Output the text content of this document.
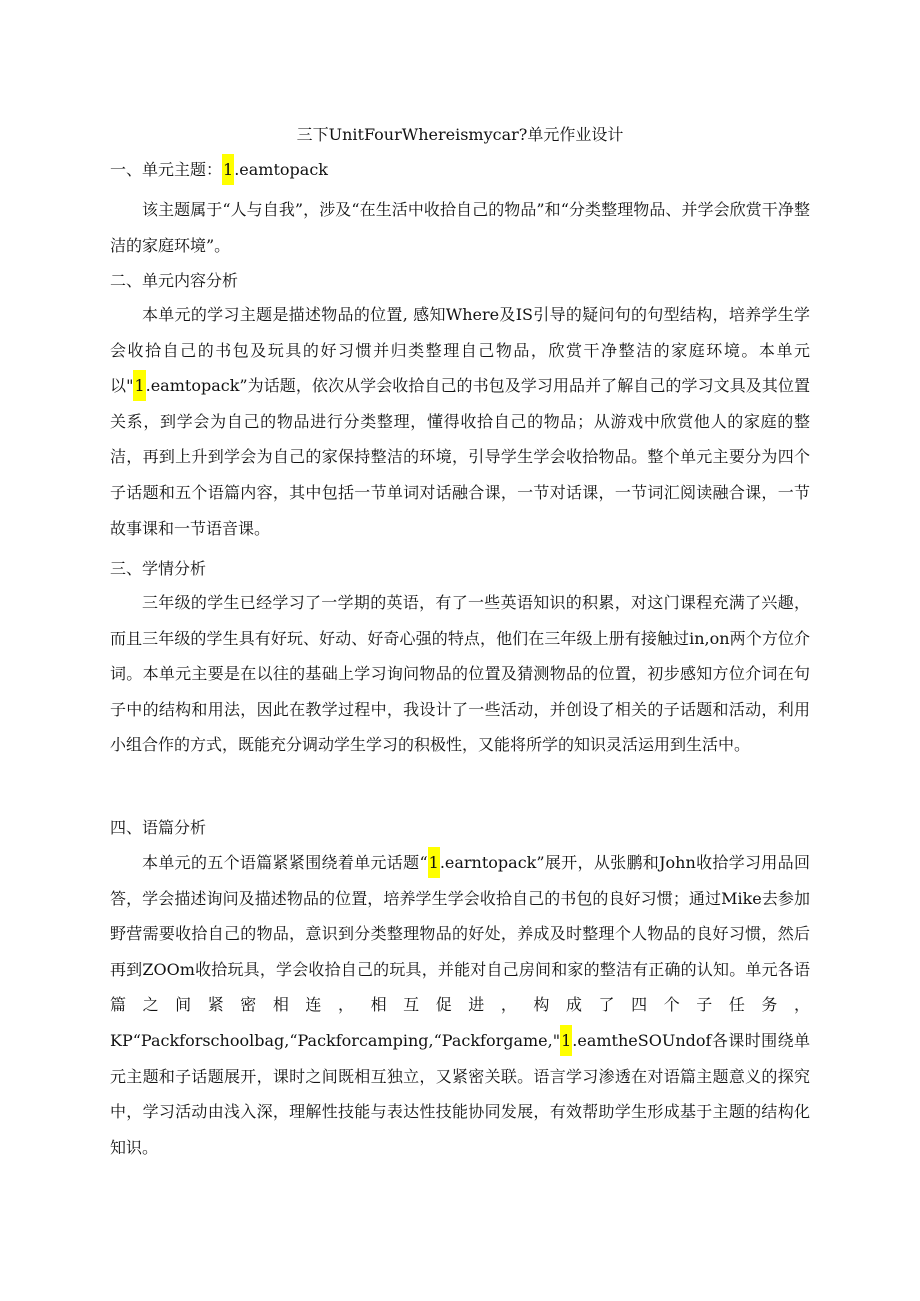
三下UnitFourWhereismycar?单元作业设计
一、单元主题：1.eamtopack

该主题属于“人与自我”，涉及“在生活中收拾自己的物品”和“分类整理物品、并学会欣赏干净整洁的家庭环境”。

二、单元内容分析

本单元的学习主题是描述物品的位置, 感知Where及IS引导的疑问句的句型结构，培养学生学会收拾自己的书包及玩具的好习惯并归类整理自己物品，欣赏干净整洁的家庭环境。本单元以"1.eamtopack”为话题，依次从学会收拾自己的书包及学习用品并了解自己的学习文具及其位置关系，到学会为自己的物品进行分类整理，懂得收拾自己的物品；从游戏中欣赏他人的家庭的整洁，再到上升到学会为自己的家保持整洁的环境，引导学生学会收拾物品。整个单元主要分为四个子话题和五个语篇内容，其中包括一节单词对话融合课，一节对话课，一节词汇阅读融合课，一节故事课和一节语音课。

三、学情分析

三年级的学生已经学习了一学期的英语，有了一些英语知识的积累，对这门课程充满了兴趣，而且三年级的学生具有好玩、好动、好奇心强的特点，他们在三年级上册有接触过in,on两个方位介词。本单元主要是在以往的基础上学习询问物品的位置及猜测物品的位置，初步感知方位介词在句子中的结构和用法，因此在教学过程中，我设计了一些活动，并创设了相关的子话题和活动，利用小组合作的方式，既能充分调动学生学习的积极性，又能将所学的知识灵活运用到生活中。

四、语篇分析

本单元的五个语篇紧紧围绕着单元话题“1.earntopack”展开，从张鹏和John收拾学习用品回答，学会描述询问及描述物品的位置，培养学生学会收拾自己的书包的良好习惯；通过Mike去参加野营需要收拾自己的物品，意识到分类整理物品的好处，养成及时整理个人物品的良好习惯，然后再到ZOOm收拾玩具，学会收拾自己的玩具，并能对自己房间和家的整洁有正确的认知。单元各语篇之间紧密相连，相互促进，构成了四个子任务，KP“Packforschoolbag,“Packforcamping,“Packforgame,"1.eamtheSOUndof各课时围绕单元主题和子话题展开，课时之间既相互独立，又紧密关联。语言学习渗透在对语篇主题意义的探究中，学习活动由浅入深，理解性技能与表达性技能协同发展，有效帮助学生形成基于主题的结构化知识。
